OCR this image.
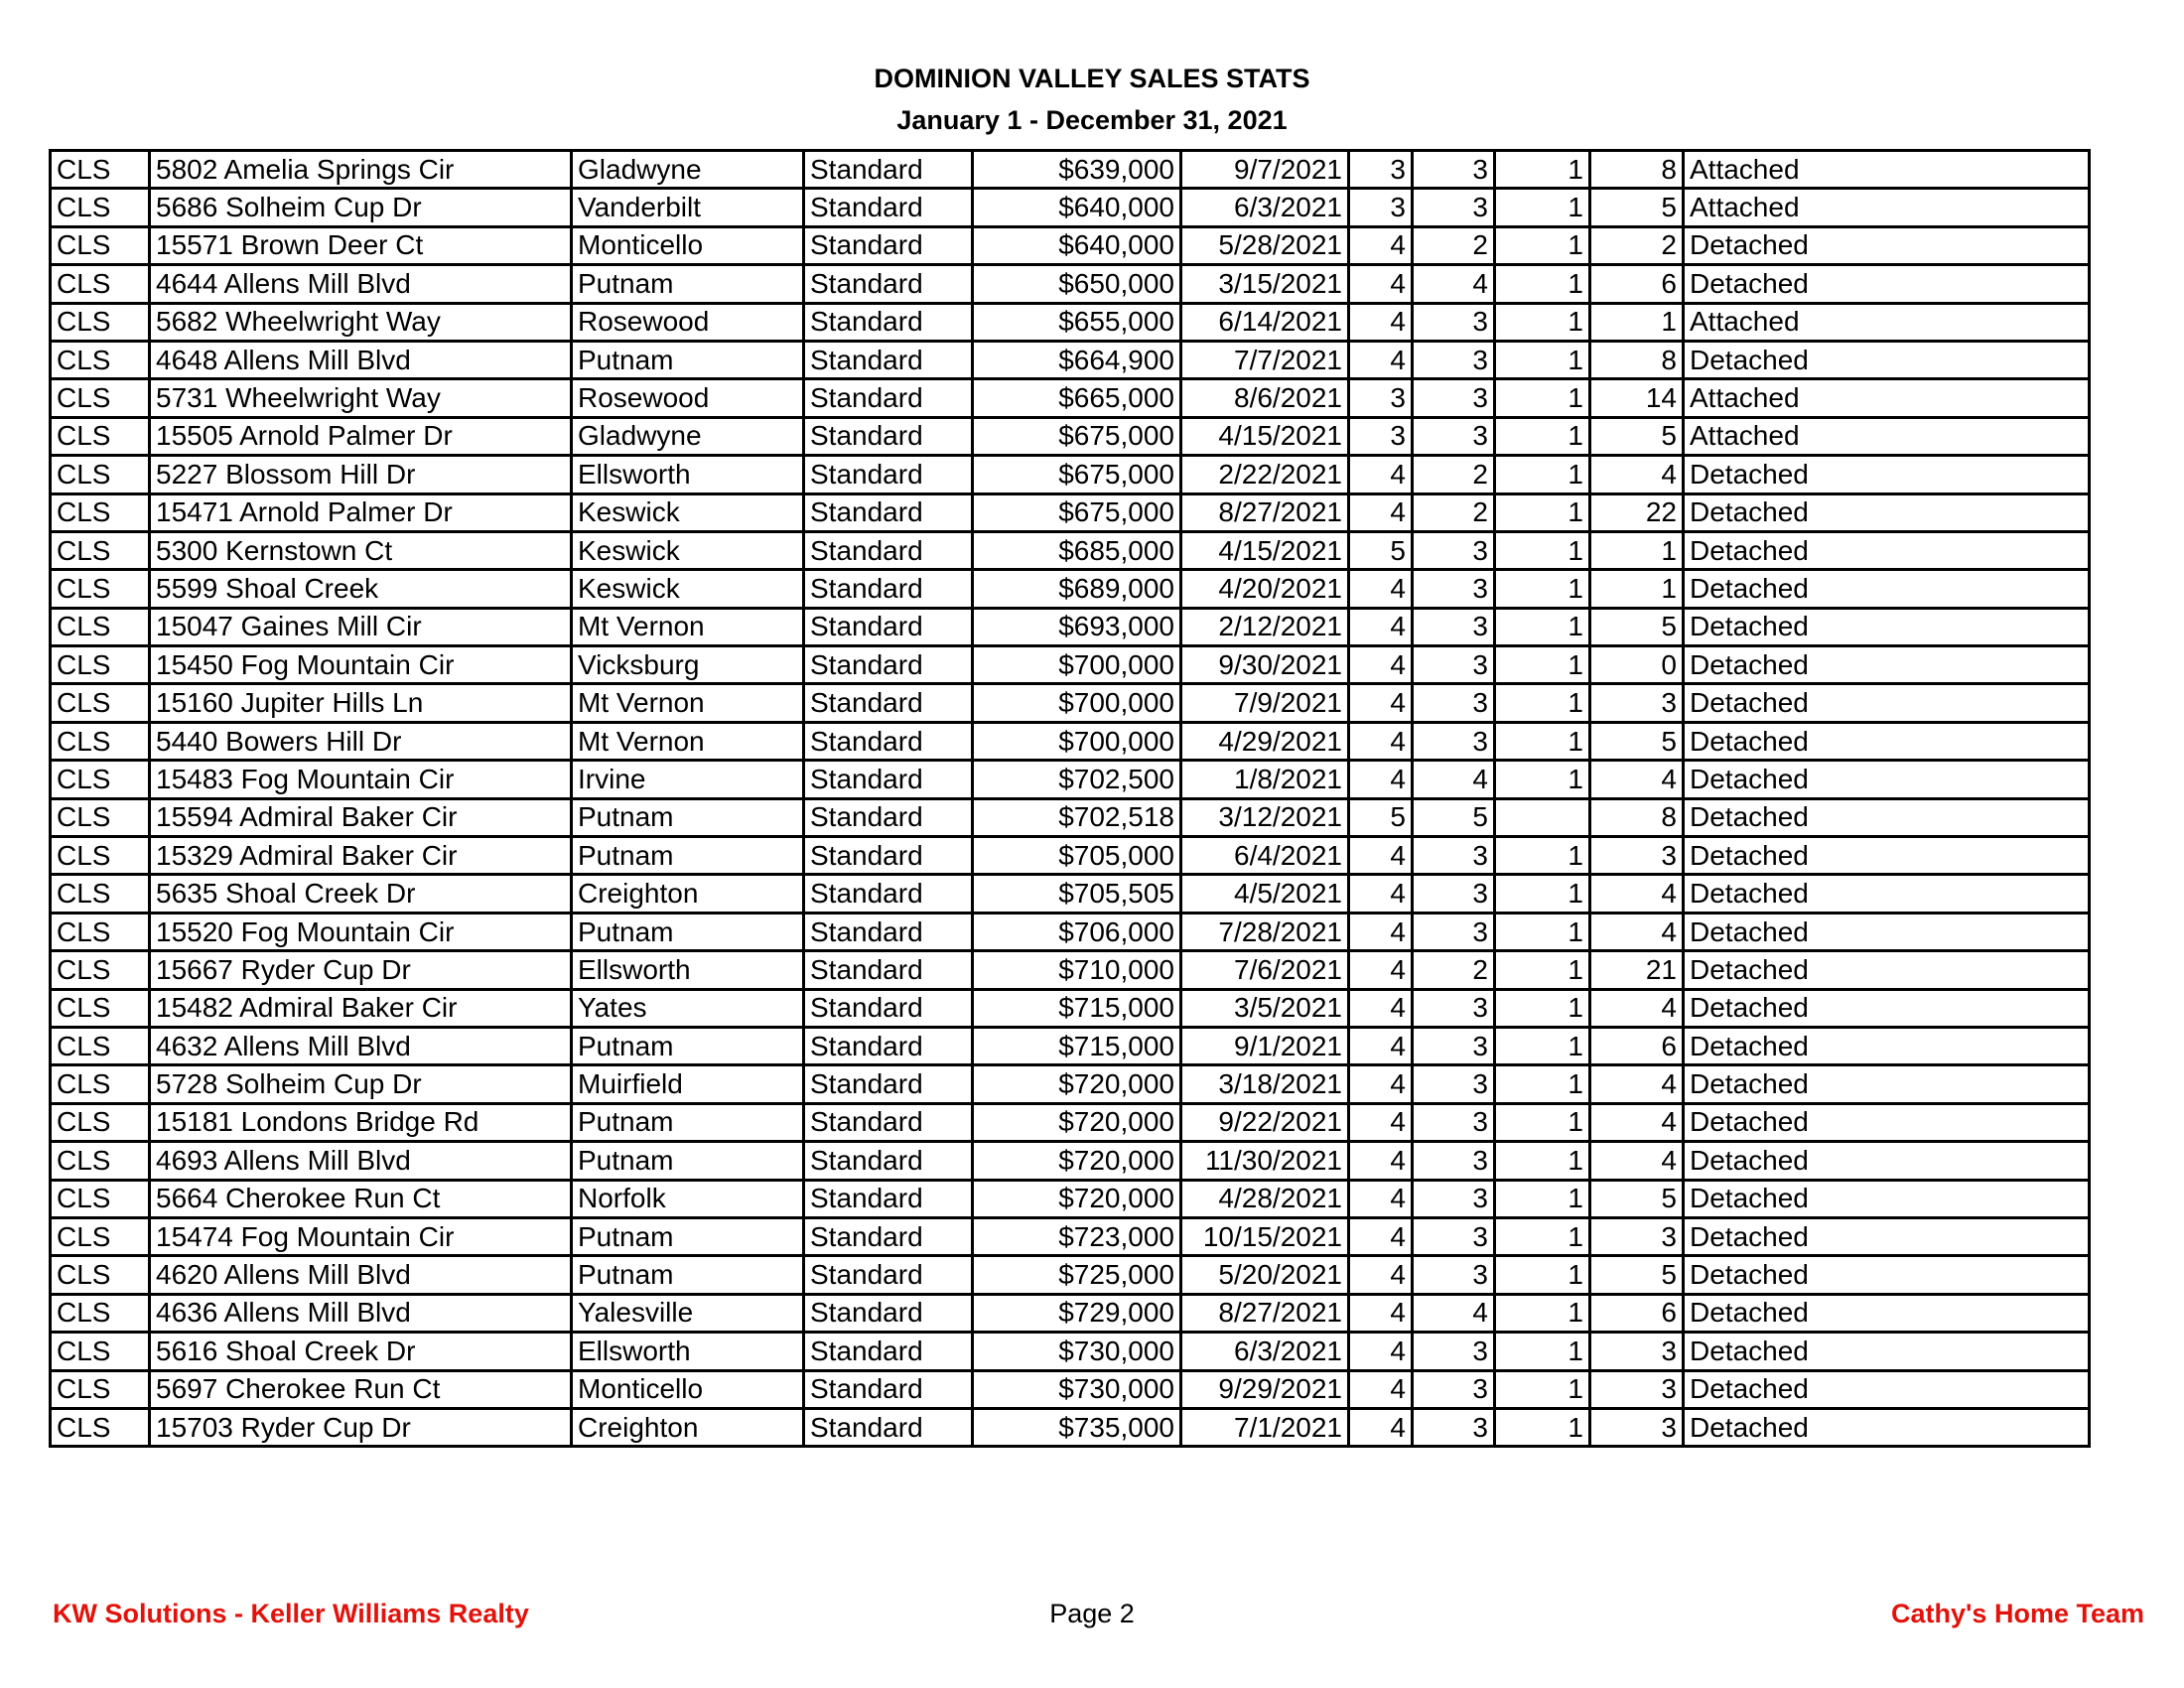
DOMINION VALLEY SALES STATS
January 1 - December 31, 2021
CLS	5802 Amelia Springs Cir	Gladwyne	Standard	$639,000	9/7/2021	3	3	1	8	Attached
CLS	5686 Solheim Cup Dr	Vanderbilt	Standard	$640,000	6/3/2021	3	3	1	5	Attached
CLS	15571 Brown Deer Ct	Monticello	Standard	$640,000	5/28/2021	4	2	1	2	Detached
CLS	4644 Allens Mill Blvd	Putnam	Standard	$650,000	3/15/2021	4	4	1	6	Detached
CLS	5682 Wheelwright Way	Rosewood	Standard	$655,000	6/14/2021	4	3	1	1	Attached
CLS	4648 Allens Mill Blvd	Putnam	Standard	$664,900	7/7/2021	4	3	1	8	Detached
CLS	5731 Wheelwright Way	Rosewood	Standard	$665,000	8/6/2021	3	3	1	14	Attached
CLS	15505 Arnold Palmer Dr	Gladwyne	Standard	$675,000	4/15/2021	3	3	1	5	Attached
CLS	5227 Blossom Hill Dr	Ellsworth	Standard	$675,000	2/22/2021	4	2	1	4	Detached
CLS	15471 Arnold Palmer Dr	Keswick	Standard	$675,000	8/27/2021	4	2	1	22	Detached
CLS	5300 Kernstown Ct	Keswick	Standard	$685,000	4/15/2021	5	3	1	1	Detached
CLS	5599 Shoal Creek	Keswick	Standard	$689,000	4/20/2021	4	3	1	1	Detached
CLS	15047 Gaines Mill Cir	Mt Vernon	Standard	$693,000	2/12/2021	4	3	1	5	Detached
CLS	15450 Fog Mountain Cir	Vicksburg	Standard	$700,000	9/30/2021	4	3	1	0	Detached
CLS	15160 Jupiter Hills Ln	Mt Vernon	Standard	$700,000	7/9/2021	4	3	1	3	Detached
CLS	5440 Bowers Hill Dr	Mt Vernon	Standard	$700,000	4/29/2021	4	3	1	5	Detached
CLS	15483 Fog Mountain Cir	Irvine	Standard	$702,500	1/8/2021	4	4	1	4	Detached
CLS	15594 Admiral Baker Cir	Putnam	Standard	$702,518	3/12/2021	5	5		8	Detached
CLS	15329 Admiral Baker Cir	Putnam	Standard	$705,000	6/4/2021	4	3	1	3	Detached
CLS	5635 Shoal Creek Dr	Creighton	Standard	$705,505	4/5/2021	4	3	1	4	Detached
CLS	15520 Fog Mountain Cir	Putnam	Standard	$706,000	7/28/2021	4	3	1	4	Detached
CLS	15667 Ryder Cup Dr	Ellsworth	Standard	$710,000	7/6/2021	4	2	1	21	Detached
CLS	15482 Admiral Baker Cir	Yates	Standard	$715,000	3/5/2021	4	3	1	4	Detached
CLS	4632 Allens Mill Blvd	Putnam	Standard	$715,000	9/1/2021	4	3	1	6	Detached
CLS	5728 Solheim Cup Dr	Muirfield	Standard	$720,000	3/18/2021	4	3	1	4	Detached
CLS	15181 Londons Bridge Rd	Putnam	Standard	$720,000	9/22/2021	4	3	1	4	Detached
CLS	4693 Allens Mill Blvd	Putnam	Standard	$720,000	11/30/2021	4	3	1	4	Detached
CLS	5664 Cherokee Run Ct	Norfolk	Standard	$720,000	4/28/2021	4	3	1	5	Detached
CLS	15474 Fog Mountain Cir	Putnam	Standard	$723,000	10/15/2021	4	3	1	3	Detached
CLS	4620 Allens Mill Blvd	Putnam	Standard	$725,000	5/20/2021	4	3	1	5	Detached
CLS	4636 Allens Mill Blvd	Yalesville	Standard	$729,000	8/27/2021	4	4	1	6	Detached
CLS	5616 Shoal Creek Dr	Ellsworth	Standard	$730,000	6/3/2021	4	3	1	3	Detached
CLS	5697 Cherokee Run Ct	Monticello	Standard	$730,000	9/29/2021	4	3	1	3	Detached
CLS	15703 Ryder Cup Dr	Creighton	Standard	$735,000	7/1/2021	4	3	1	3	Detached
KW Solutions - Keller Williams Realty	Page 2	Cathy's Home Team
